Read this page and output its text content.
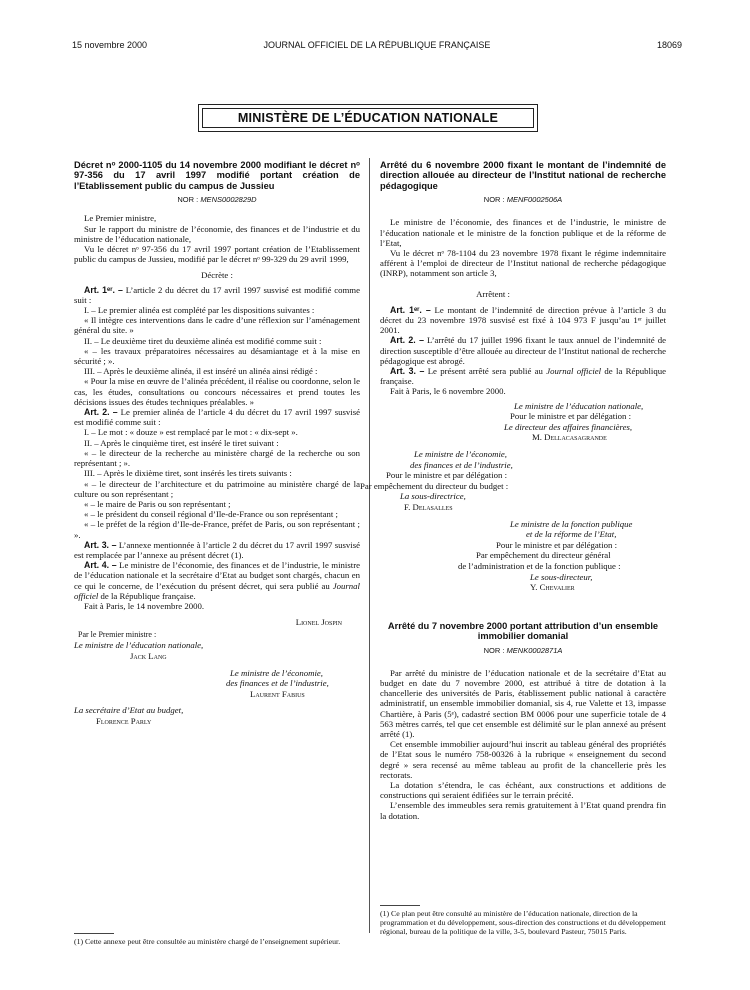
15 novembre 2000	JOURNAL OFFICIEL DE LA RÉPUBLIQUE FRANÇAISE	18069
MINISTÈRE DE L’ÉDUCATION NATIONALE
Décret nᵒ 2000-1105 du 14 novembre 2000 modifiant le décret nᵒ 97-356 du 17 avril 1997 modifié portant création de l’Etablissement public du campus de Jussieu
NOR : MENS0002829D

Le Premier ministre,

Sur le rapport du ministre de l’économie, des finances et de l’industrie et du ministre de l’éducation nationale,

Vu le décret nᵒ 97-356 du 17 avril 1997 portant création de l’Etablissement public du campus de Jussieu, modifié par le décret nᵒ 99-329 du 29 avril 1999,

Décrète :

Art. 1ᵉʳ. – L’article 2 du décret du 17 avril 1997 susvisé est modifié comme suit :

I. – Le premier alinéa est complété par les dispositions suivantes :

« Il intègre ces interventions dans le cadre d’une réflexion sur l’aménagement général du site. »

II. – Le deuxième tiret du deuxième alinéa est modifié comme suit :

« – les travaux préparatoires nécessaires au désamiantage et à la mise en sécurité ; ».

III. – Après le deuxième alinéa, il est inséré un alinéa ainsi rédigé :

« Pour la mise en œuvre de l’alinéa précédent, il réalise ou coordonne, selon le cas, les études, consultations ou concours nécessaires et prend toutes les décisions issues des études techniques préalables. »

Art. 2. – Le premier alinéa de l’article 4 du décret du 17 avril 1997 susvisé est modifié comme suit :

I. – Le mot : « douze » est remplacé par le mot : « dix-sept ».

II. – Après le cinquième tiret, est inséré le tiret suivant :

« – le directeur de la recherche au ministère chargé de la recherche ou son représentant ; ».

III. – Après le dixième tiret, sont insérés les tirets suivants :

« – le directeur de l’architecture et du patrimoine au ministère chargé de la culture ou son représentant ;

« – le maire de Paris ou son représentant ;

« – le président du conseil régional d’Ile-de-France ou son représentant ;

« – le préfet de la région d’Ile-de-France, préfet de Paris, ou son représentant ; ».

Art. 3. – L’annexe mentionnée à l’article 2 du décret du 17 avril 1997 susvisé est remplacée par l’annexe au présent décret (1).

Art. 4. – Le ministre de l’économie, des finances et de l’industrie, le ministre de l’éducation nationale et la secrétaire d’Etat au budget sont chargés, chacun en ce qui le concerne, de l’exécution du présent décret, qui sera publié au Journal officiel de la République française.

Fait à Paris, le 14 novembre 2000.

Lionel Jospin

Par le Premier ministre :

Le ministre de l’éducation nationale,

Jack Lang

Le ministre de l’économie,

des finances et de l’industrie,

Laurent Fabius

La secrétaire d’Etat au budget,

Florence Parly

(1) Cette annexe peut être consultée au ministère chargé de l’enseignement supérieur.
Arrêté du 6 novembre 2000 fixant le montant de l’indemnité de direction allouée au directeur de l’Institut national de recherche pédagogique
NOR : MENF0002506A

Le ministre de l’économie, des finances et de l’industrie, le ministre de l’éducation nationale et le ministre de la fonction publique et de la réforme de l’Etat,

Vu le décret nᵒ 78-1104 du 23 novembre 1978 fixant le régime indemnitaire afférent à l’emploi de directeur de l’Institut national de recherche pédagogique (INRP), notamment son article 3,

Arrêtent :

Art. 1ᵉʳ. – Le montant de l’indemnité de direction prévue à l’article 3 du décret du 23 novembre 1978 susvisé est fixé à 104 973 F jusqu’au 1ᵉʳ juillet 2001.

Art. 2. – L’arrêté du 17 juillet 1996 fixant le taux annuel de l’indemnité de direction susceptible d’être allouée au directeur de l’Institut national de recherche pédagogique est abrogé.

Art. 3. – Le présent arrêté sera publié au Journal officiel de la République française.

Fait à Paris, le 6 novembre 2000.

Le ministre de l’éducation nationale,

Pour le ministre et par délégation :

Le directeur des affaires financières,

M. Dellacasagrande

Le ministre de l’économie,

des finances et de l’industrie,

Pour le ministre et par délégation :

Par empêchement du directeur du budget :

La sous-directrice,

F. Delasalles

Le ministre de la fonction publique

et de la réforme de l’Etat,

Pour le ministre et par délégation :

Par empêchement du directeur général

de l’administration et de la fonction publique :

Le sous-directeur,

Y. Chevalier

Arrêté du 7 novembre 2000 portant attribution d’un ensemble immobilier domanial
NOR : MENK0002871A

Par arrêté du ministre de l’éducation nationale et de la secrétaire d’Etat au budget en date du 7 novembre 2000, est attribué à titre de dotation à la chancellerie des universités de Paris, établissement public national à caractère administratif, un ensemble immobilier domanial, sis 4, rue Valette et 13, impasse Chartière, à Paris (5ᵉ), cadastré section BM 0006 pour une superficie totale de 4 563 mètres carrés, tel que cet ensemble est délimité sur le plan annexé au présent arrêté (1).

Cet ensemble immobilier aujourd’hui inscrit au tableau général des propriétés de l’Etat sous le numéro 758-00326 à la rubrique « enseignement du second degré » sera recensé au même tableau au profit de la chancellerie près les rectorats.

La dotation s’étendra, le cas échéant, aux constructions et additions de constructions qui seraient édifiées sur le terrain précité.

L’ensemble des immeubles sera remis gratuitement à l’Etat quand prendra fin la dotation.

(1) Ce plan peut être consulté au ministère de l’éducation nationale, direction de la programmation et du développement, sous-direction des constructions et du développement régional, bureau de la politique de la ville, 3-5, boulevard Pasteur, 75015 Paris.
